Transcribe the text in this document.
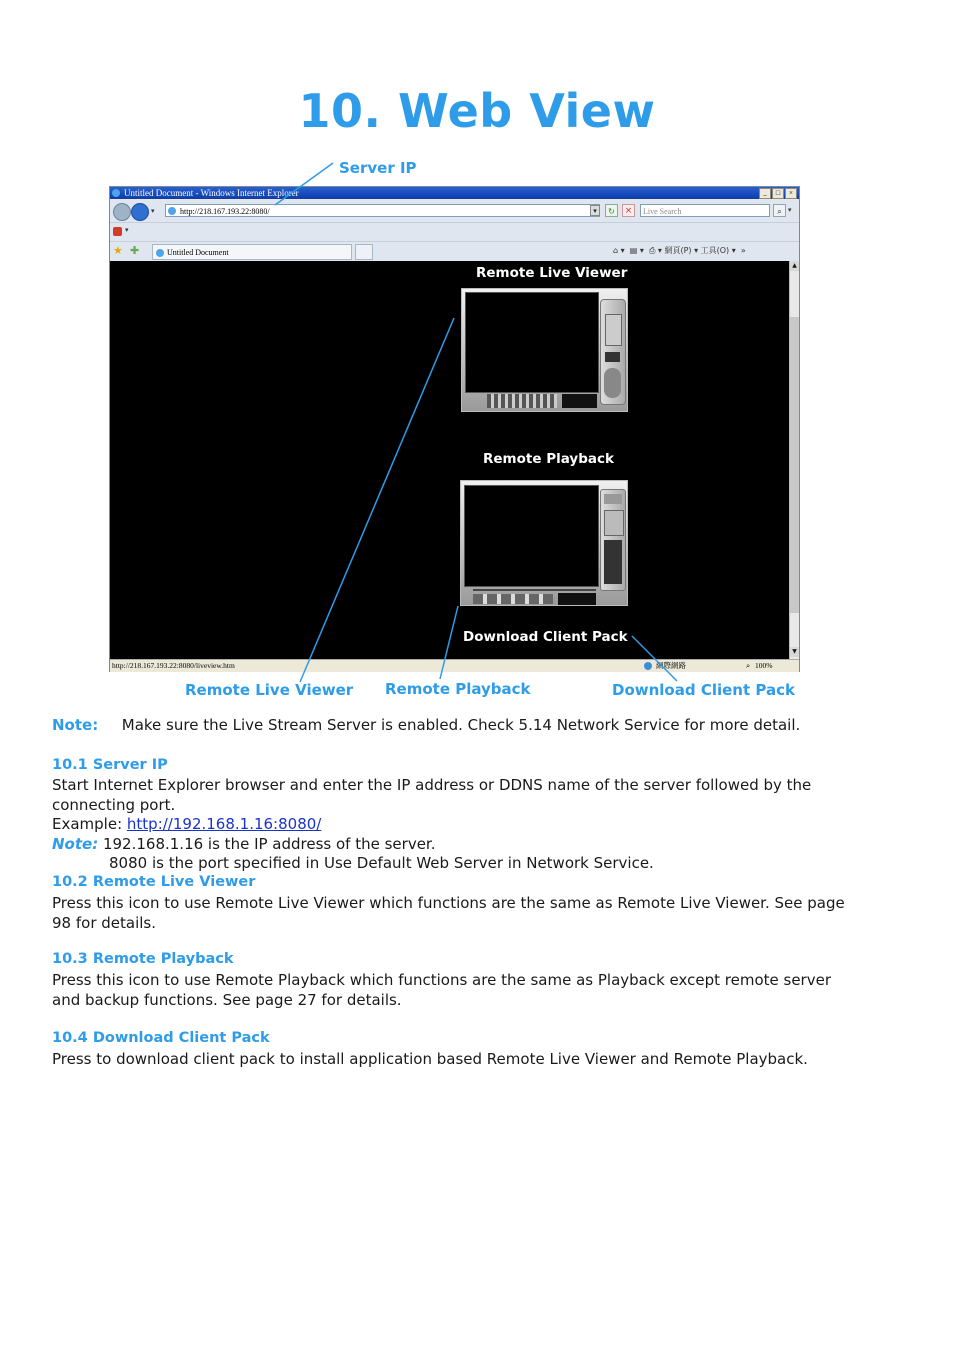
10. Web View
Server IP
Untitled Document - Windows Internet Explorer	_	□	×
▾	http://218.167.193.22:8080/	▾	↻	×	Live Search	⌕ ▾
▾
★ ✚	Untitled Document	⌂ ▾  ▤ ▾  ⎙ ▾ 網頁(P) ▾ 工具(O) ▾  »
Remote Live Viewer
Remote Playback
Download Client Pack
▲
▼
http://218.167.193.22:8080/liveview.htm	網際網路	⌕ 100%
Remote Live Viewer Remote Playback	Download Client Pack
Note: Make sure the Live Stream Server is enabled. Check 5.14 Network Service for more detail.
10.1 Server IP
Start Internet Explorer browser and enter the IP address or DDNS name of the server followed by the
connecting port.
Example: http://192.168.1.16:8080/
Note: 192.168.1.16 is the IP address of the server.
8080 is the port specified in Use Default Web Server in Network Service.
10.2 Remote Live Viewer
Press this icon to use Remote Live Viewer which functions are the same as Remote Live Viewer. See page
98 for details.
10.3 Remote Playback
Press this icon to use Remote Playback which functions are the same as Playback except remote server
and backup functions. See page 27 for details.
10.4 Download Client Pack
Press to download client pack to install application based Remote Live Viewer and Remote Playback.
